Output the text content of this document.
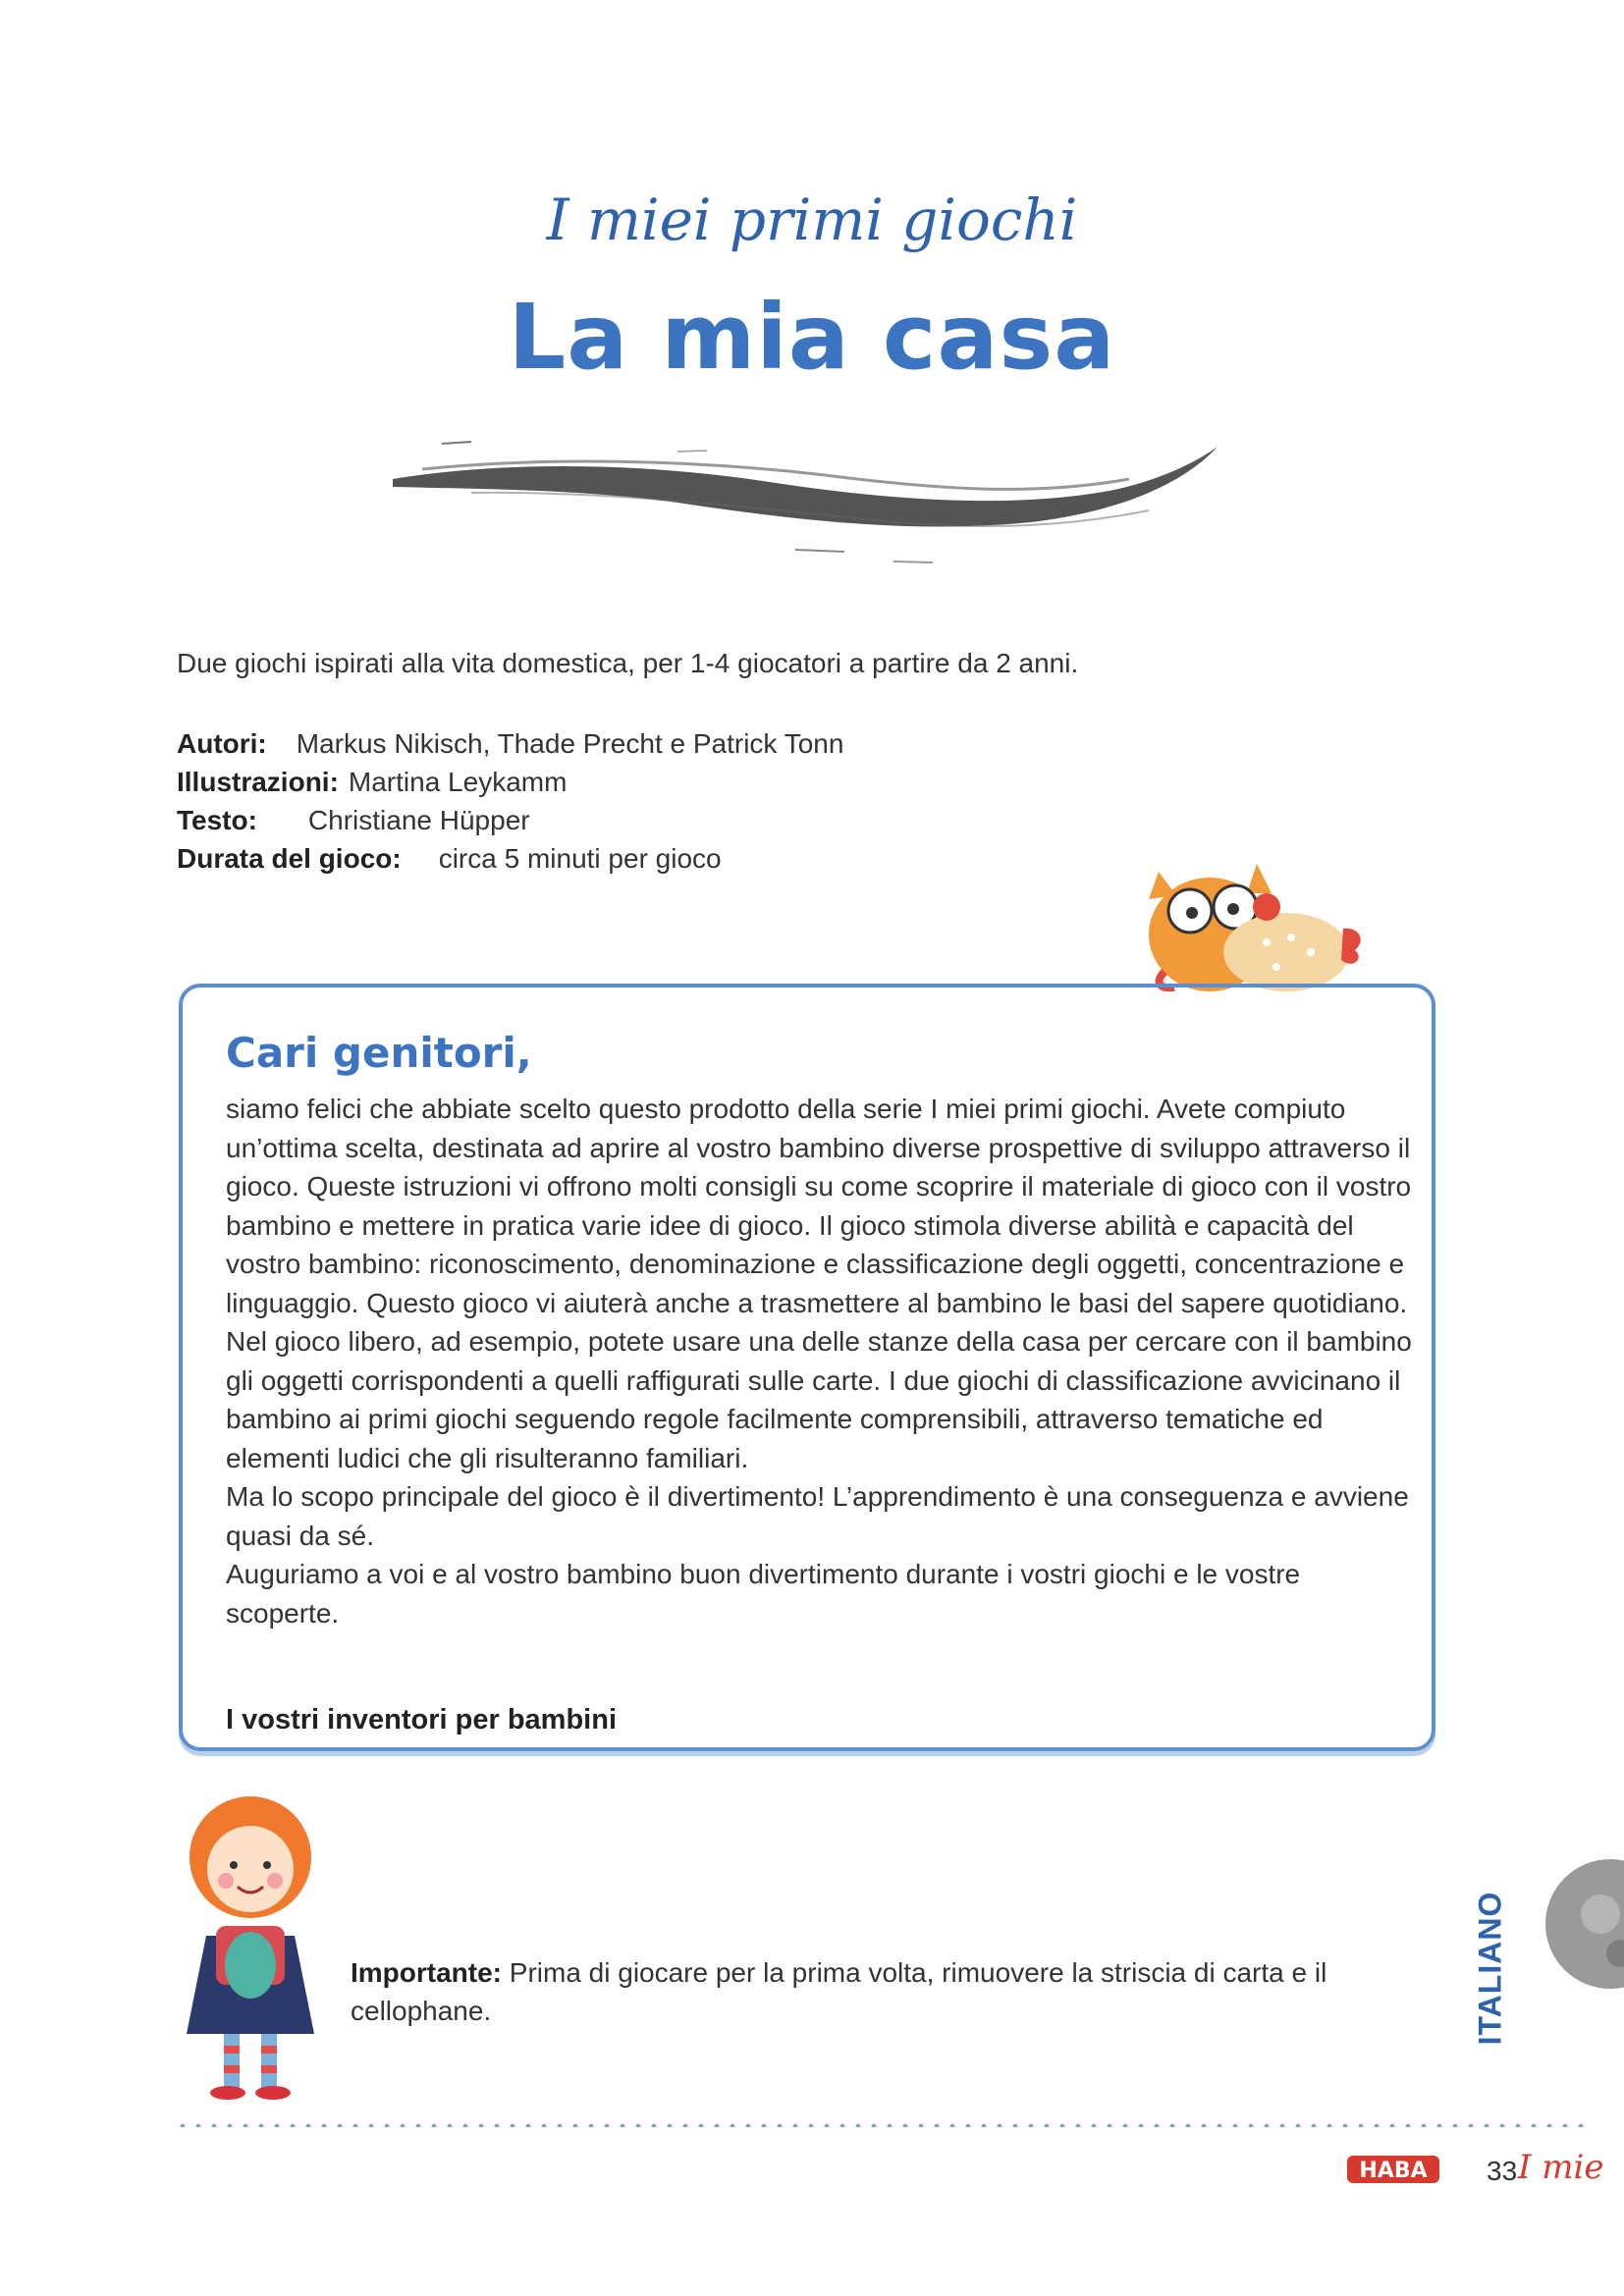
I miei primi giochi
La mia casa
Due giochi ispirati alla vita domestica, per 1-4 giocatori a partire da 2 anni.
Autori: Markus Nikisch, Thade Precht e Patrick Tonn
Illustrazioni: Martina Leykamm
Testo: Christiane Hüpper
Durata del gioco: circa 5 minuti per gioco
Cari genitori,

siamo felici che abbiate scelto questo prodotto della serie I miei primi giochi. Avete compiuto un’ottima scelta, destinata ad aprire al vostro bambino diverse prospettive di sviluppo attraverso il gioco. Queste istruzioni vi offrono molti consigli su come scoprire il materiale di gioco con il vostro bambino e mettere in pratica varie idee di gioco. Il gioco stimola diverse abilità e capacità del vostro bambino: riconoscimento, denominazione e classificazione degli oggetti, concentrazione e linguaggio. Questo gioco vi aiuterà anche a trasmettere al bambino le basi del sapere quotidiano.

Nel gioco libero, ad esempio, potete usare una delle stanze della casa per cercare con il bambino gli oggetti corrispondenti a quelli raffigurati sulle carte. I due giochi di classificazione avvicinano il bambino ai primi giochi seguendo regole facilmente comprensibili, attraverso tematiche ed elementi ludici che gli risulteranno familiari.

Ma lo scopo principale del gioco è il divertimento! L’apprendimento è una conseguenza e avviene quasi da sé.

Auguriamo a voi e al vostro bambino buon divertimento durante i vostri giochi e le vostre scoperte.

I vostri inventori per bambini
Importante: Prima di giocare per la prima volta, rimuovere la striscia di carta e il cellophane.	ITALIANO
HABA 33 I mie
